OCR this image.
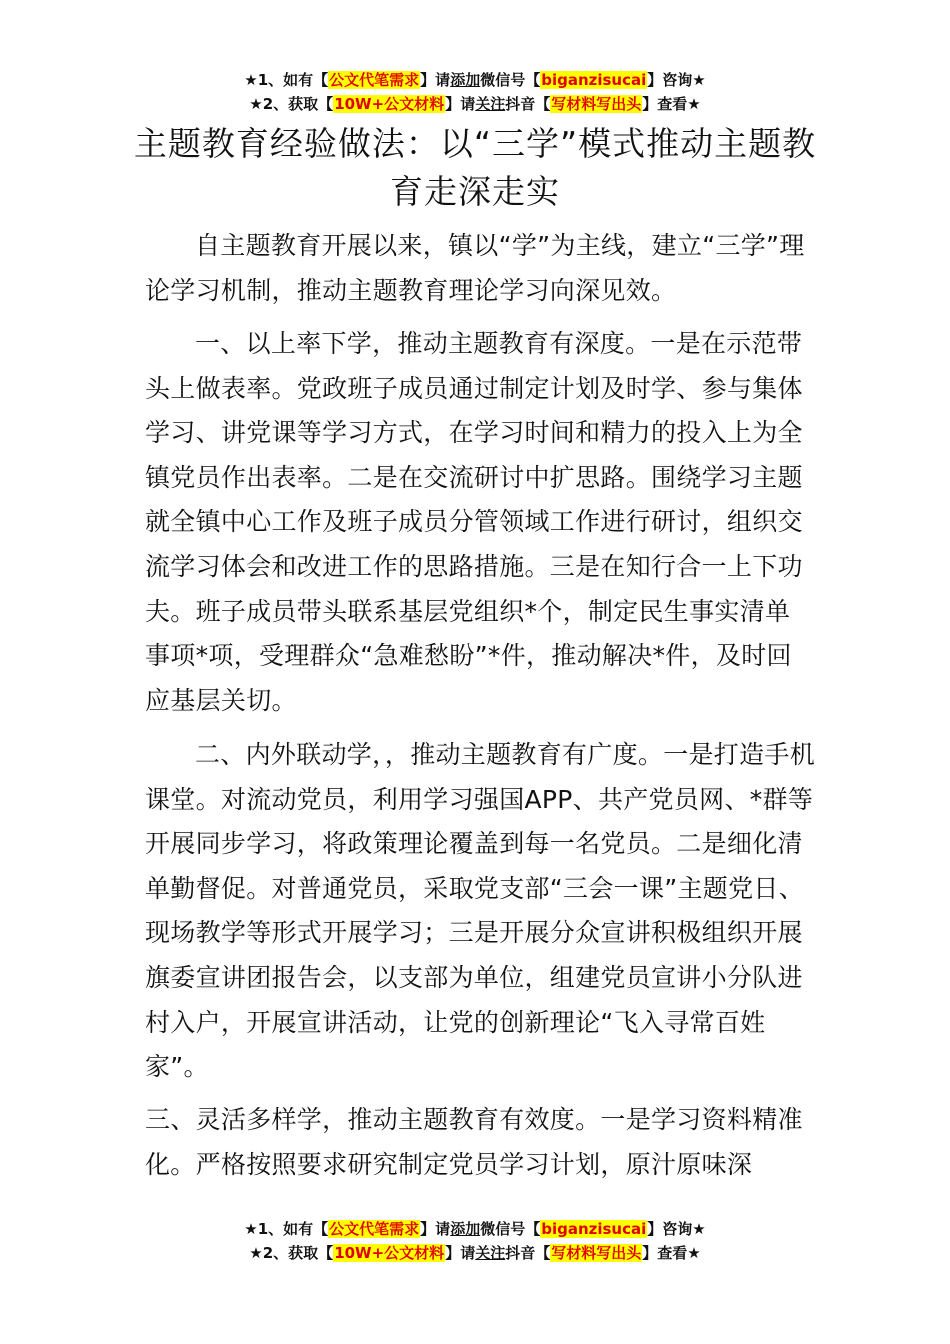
★1、如有【公文代笔需求】请添加微信号【biganzisucai】咨询★
★2、获取【10W+公文材料】请关注抖音【写材料写出头】查看★
主题教育经验做法：以“三学”模式推动主题教育走深走实

自主题教育开展以来，镇以“学”为主线，建立“三学”理论学习机制，推动主题教育理论学习向深见效。

一、以上率下学，推动主题教育有深度。一是在示范带头上做表率。党政班子成员通过制定计划及时学、参与集体学习、讲党课等学习方式，在学习时间和精力的投入上为全镇党员作出表率。二是在交流研讨中扩思路。围绕学习主题就全镇中心工作及班子成员分管领域工作进行研讨，组织交流学习体会和改进工作的思路措施。三是在知行合一上下功夫。班子成员带头联系基层党组织*个，制定民生事实清单事项*项，受理群众“急难愁盼”*件，推动解决*件，及时回应基层关切。

二、内外联动学，，推动主题教育有广度。一是打造手机课堂。对流动党员，利用学习强国APP、共产党员网、*群等开展同步学习，将政策理论覆盖到每一名党员。二是细化清单勤督促。对普通党员，采取党支部“三会一课”主题党日、现场教学等形式开展学习；三是开展分众宣讲积极组织开展旗委宣讲团报告会，以支部为单位，组建党员宣讲小分队进村入户，开展宣讲活动，让党的创新理论“飞入寻常百姓家”。

三、灵活多样学，推动主题教育有效度。一是学习资料精准化。严格按照要求研究制定党员学习计划，原汁原味深

★1、如有【公文代笔需求】请添加微信号【biganzisucai】咨询★
★2、获取【10W+公文材料】请关注抖音【写材料写出头】查看★
